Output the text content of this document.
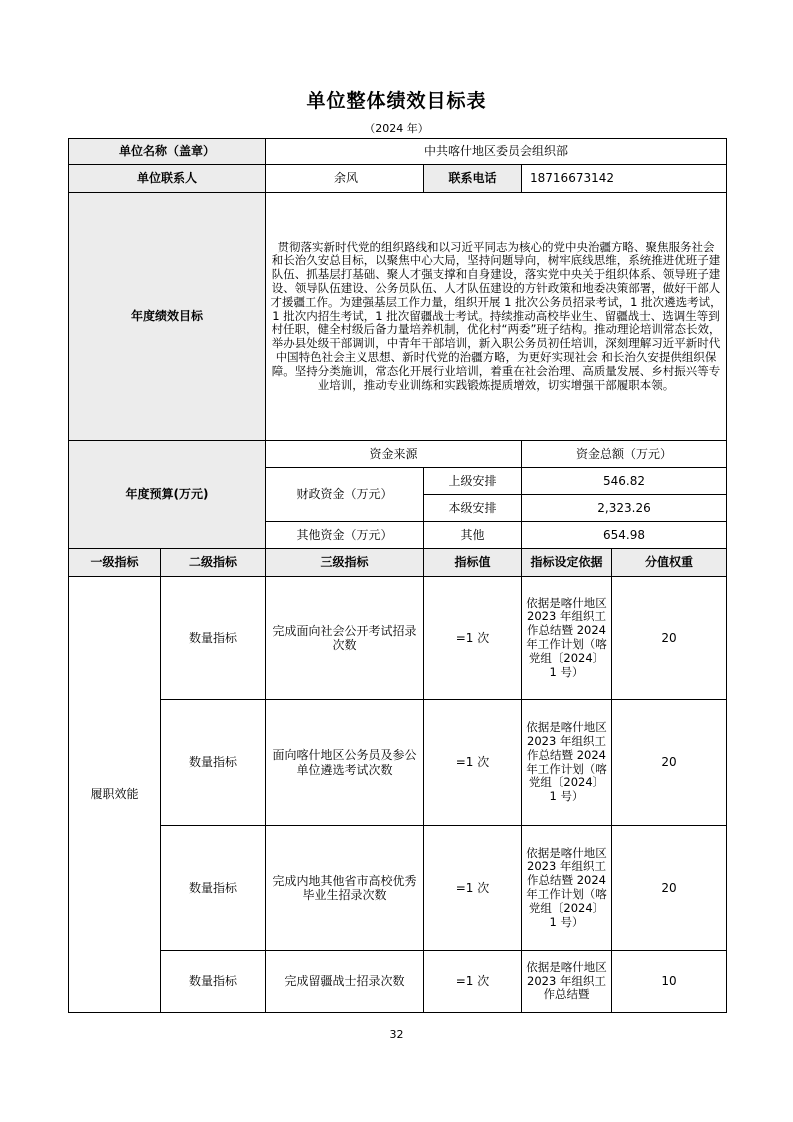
单位整体绩效目标表
（2024 年）
单位名称（盖章）		中共喀什地区委员会组织部			
单位联系人		余风	联系电话	18716673142	
年度绩效目标		贯彻落实新时代党的组织路线和以习近平同志为核心的党中央治疆方略、聚焦服务社会 和长治久安总目标，以聚焦中心大局，坚持问题导向，树牢底线思维，系统推进优班子建队伍、抓基层打基础、聚人才强支撑和自身建设，落实党中央关于组织体系、领导班子建设、领导队伍建设、公务员队伍、人才队伍建设的方针政策和地委决策部署，做好干部人才援疆工作。为建强基层工作力量，组织开展 1 批次公务员招录考试，1 批次遴选考试，1 批次内招生考试，1 批次留疆战士考试。持续推动高校毕业生、留疆战士、选调生等到村任职，健全村级后备力量培养机制，优化村“两委”班子结构。推动理论培训常态长效，举办县处级干部调训，中青年干部培训，新入职公务员初任培训，深刻理解习近平新时代中国特色社会主义思想、新时代党的治疆方略，为更好实现社会 和长治久安提供组织保障。坚持分类施训，常态化开展行业培训，着重在社会治理、高质量发展、乡村振兴等专业培训，推动专业训练和实践锻炼提质增效，切实增强干部履职本领。			
年度预算(万元)		资金来源		资金总额（万元）	
		财政资金（万元）	上级安排	546.82	
			本级安排	2,323.26	
		其他资金（万元）	其他	654.98	
一级指标	二级指标	三级指标	指标值	指标设定依据	分值权重
履职效能	数量指标	完成面向社会公开考试招录次数	=1 次	依据是喀什地区 2023 年组织工作总结暨 2024 年工作计划（喀党组〔2024〕1 号）	20
	数量指标	面向喀什地区公务员及参公单位遴选考试次数	=1 次	依据是喀什地区 2023 年组织工作总结暨 2024 年工作计划（喀党组〔2024〕1 号）	20
	数量指标	完成内地其他省市高校优秀毕业生招录次数	=1 次	依据是喀什地区 2023 年组织工作总结暨 2024 年工作计划（喀党组〔2024〕1 号）	20
	数量指标	完成留疆战士招录次数	=1 次	依据是喀什地区 2023 年组织工作总结暨	10
32
